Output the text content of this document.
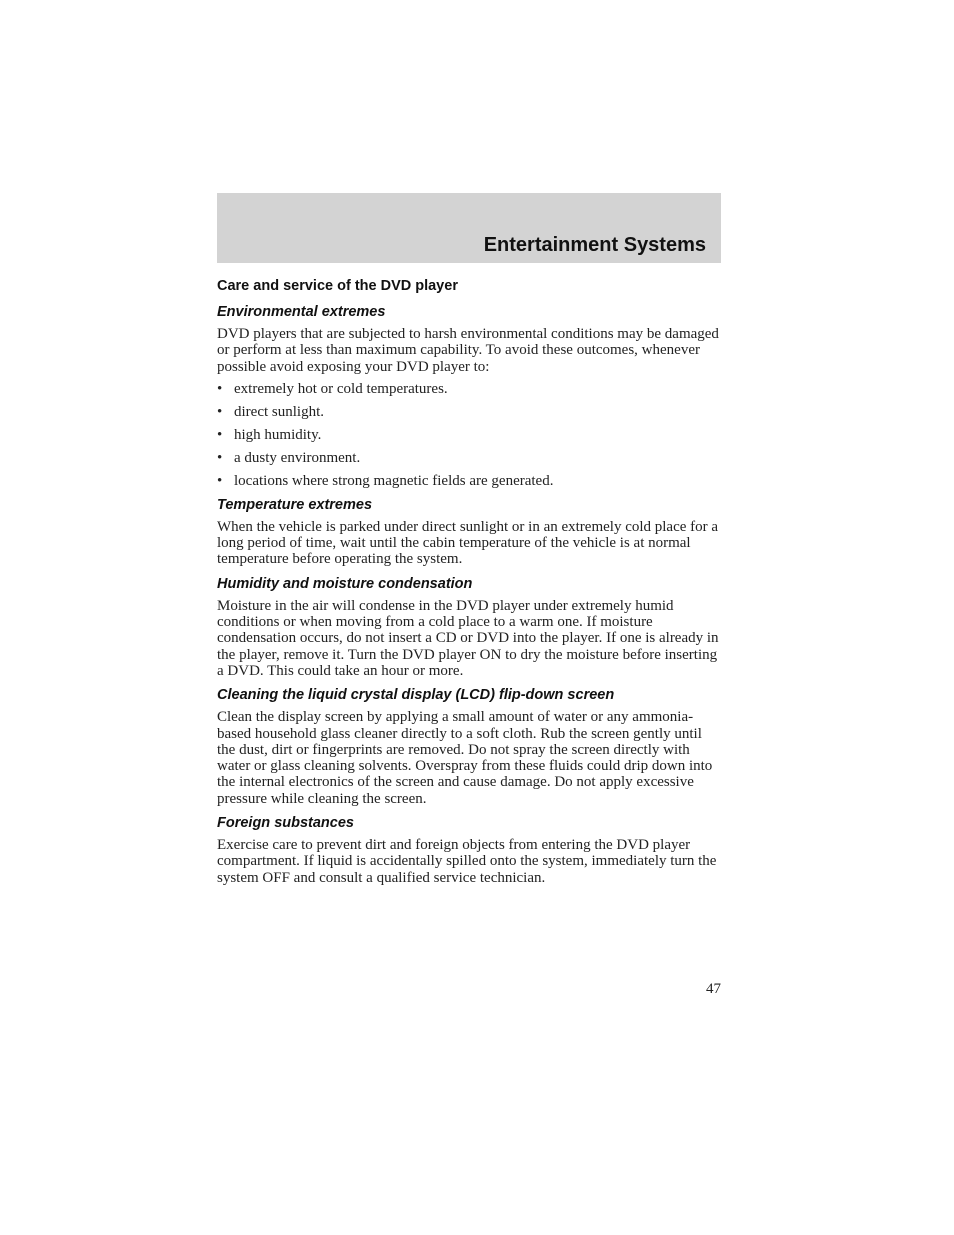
Entertainment Systems
Care and service of the DVD player
Environmental extremes

DVD players that are subjected to harsh environmental conditions may be damaged or perform at less than maximum capability. To avoid these outcomes, whenever possible avoid exposing your DVD player to:

• extremely hot or cold temperatures.
• direct sunlight.
• high humidity.
• a dusty environment.
• locations where strong magnetic fields are generated.
Temperature extremes

When the vehicle is parked under direct sunlight or in an extremely cold place for a long period of time, wait until the cabin temperature of the vehicle is at normal temperature before operating the system.

Humidity and moisture condensation

Moisture in the air will condense in the DVD player under extremely humid conditions or when moving from a cold place to a warm one. If moisture condensation occurs, do not insert a CD or DVD into the player. If one is already in the player, remove it. Turn the DVD player ON to dry the moisture before inserting a DVD. This could take an hour or more.

Cleaning the liquid crystal display (LCD) flip-down screen

Clean the display screen by applying a small amount of water or any ammonia-based household glass cleaner directly to a soft cloth. Rub the screen gently until the dust, dirt or fingerprints are removed. Do not spray the screen directly with water or glass cleaning solvents. Overspray from these fluids could drip down into the internal electronics of the screen and cause damage. Do not apply excessive pressure while cleaning the screen.

Foreign substances

Exercise care to prevent dirt and foreign objects from entering the DVD player compartment. If liquid is accidentally spilled onto the system, immediately turn the system OFF and consult a qualified service technician.

47
